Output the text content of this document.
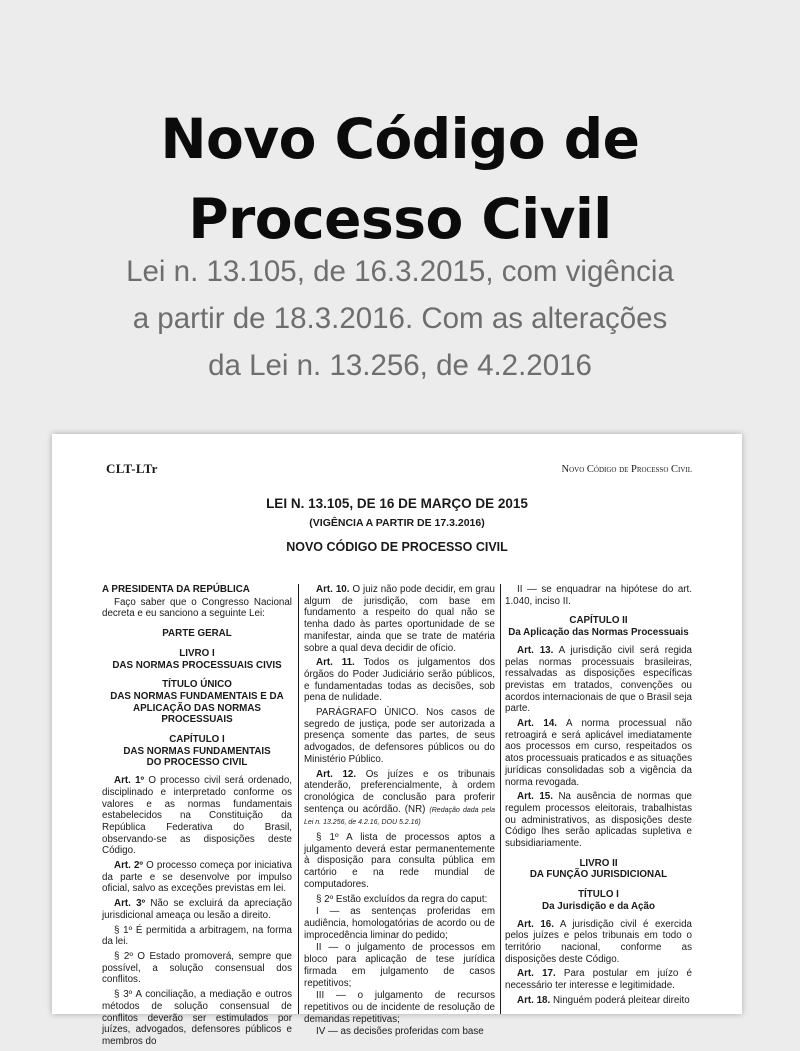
Novo Código de
Processo Civil
Lei n. 13.105, de 16.3.2015, com vigência
a partir de 18.3.2016. Com as alterações
da Lei n. 13.256, de 4.2.2016
CLT-LTr	Novo Código de Processo Civil
LEI N. 13.105, DE 16 DE MARÇO DE 2015
(VIGÊNCIA A PARTIR DE 17.3.2016)
NOVO CÓDIGO DE PROCESSO CIVIL

A PRESIDENTA DA REPÚBLICA

Faço saber que o Congresso Nacional decreta e eu sanciono a seguinte Lei:

PARTE GERAL

LIVRO I

DAS NORMAS PROCESSUAIS CIVIS

TÍTULO ÚNICO

DAS NORMAS FUNDAMENTAIS E DA

APLICAÇÃO DAS NORMAS PROCESSUAIS

CAPÍTULO I

DAS NORMAS FUNDAMENTAIS

DO PROCESSO CIVIL

Art. 1º O processo civil será ordenado, disciplinado e interpretado conforme os valores e as normas fundamentais estabelecidos na Constituição da República Federativa do Brasil, observando-se as disposições deste Código.

Art. 2º O processo começa por iniciativa da parte e se desenvolve por impulso oficial, salvo as exceções previstas em lei.

Art. 3º Não se excluirá da apreciação jurisdicional ameaça ou lesão a direito.

§ 1º É permitida a arbitragem, na forma da lei.

§ 2º O Estado promoverá, sempre que possível, a solução consensual dos conflitos.

§ 3º A conciliação, a mediação e outros métodos de solução consensual de conflitos deverão ser estimulados por juízes, advogados, defensores públicos e membros do

Art. 10. O juiz não pode decidir, em grau algum de jurisdição, com base em fundamento a respeito do qual não se tenha dado às partes oportunidade de se manifestar, ainda que se trate de matéria sobre a qual deva decidir de ofício.

Art. 11. Todos os julgamentos dos órgãos do Poder Judiciário serão públicos, e fundamentadas todas as decisões, sob pena de nulidade.

PARÁGRAFO ÚNICO. Nos casos de segredo de justiça, pode ser autorizada a presença somente das partes, de seus advogados, de defensores públicos ou do Ministério Público.

Art. 12. Os juízes e os tribunais atenderão, preferencialmente, à ordem cronológica de conclusão para proferir sentença ou acórdão. (NR) (Redação dada pela Lei n. 13.256, de 4.2.16, DOU 5.2.16)

§ 1º A lista de processos aptos a julgamento deverá estar permanentemente à disposição para consulta pública em cartório e na rede mundial de computadores.

§ 2º Estão excluídos da regra do caput:

I — as sentenças proferidas em audiência, homologatórias de acordo ou de improcedência liminar do pedido;

II — o julgamento de processos em bloco para aplicação de tese jurídica firmada em julgamento de casos repetitivos;

III — o julgamento de recursos repetitivos ou de incidente de resolução de demandas repetitivas;

IV — as decisões proferidas com base

II — se enquadrar na hipótese do art. 1.040, inciso II.

CAPÍTULO II

Da Aplicação das Normas Processuais

Art. 13. A jurisdição civil será regida pelas normas processuais brasileiras, ressalvadas as disposições específicas previstas em tratados, convenções ou acordos internacionais de que o Brasil seja parte.

Art. 14. A norma processual não retroagirá e será aplicável imediatamente aos processos em curso, respeitados os atos processuais praticados e as situações jurídicas consolidadas sob a vigência da norma revogada.

Art. 15. Na ausência de normas que regulem processos eleitorais, trabalhistas ou administrativos, as disposições deste Código lhes serão aplicadas supletiva e subsidiariamente.

LIVRO II

DA FUNÇÃO JURISDICIONAL

TÍTULO I

Da Jurisdição e da Ação

Art. 16. A jurisdição civil é exercida pelos juízes e pelos tribunais em todo o território nacional, conforme as disposições deste Código.

Art. 17. Para postular em juízo é necessário ter interesse e legitimidade.

Art. 18. Ninguém poderá pleitear direito
